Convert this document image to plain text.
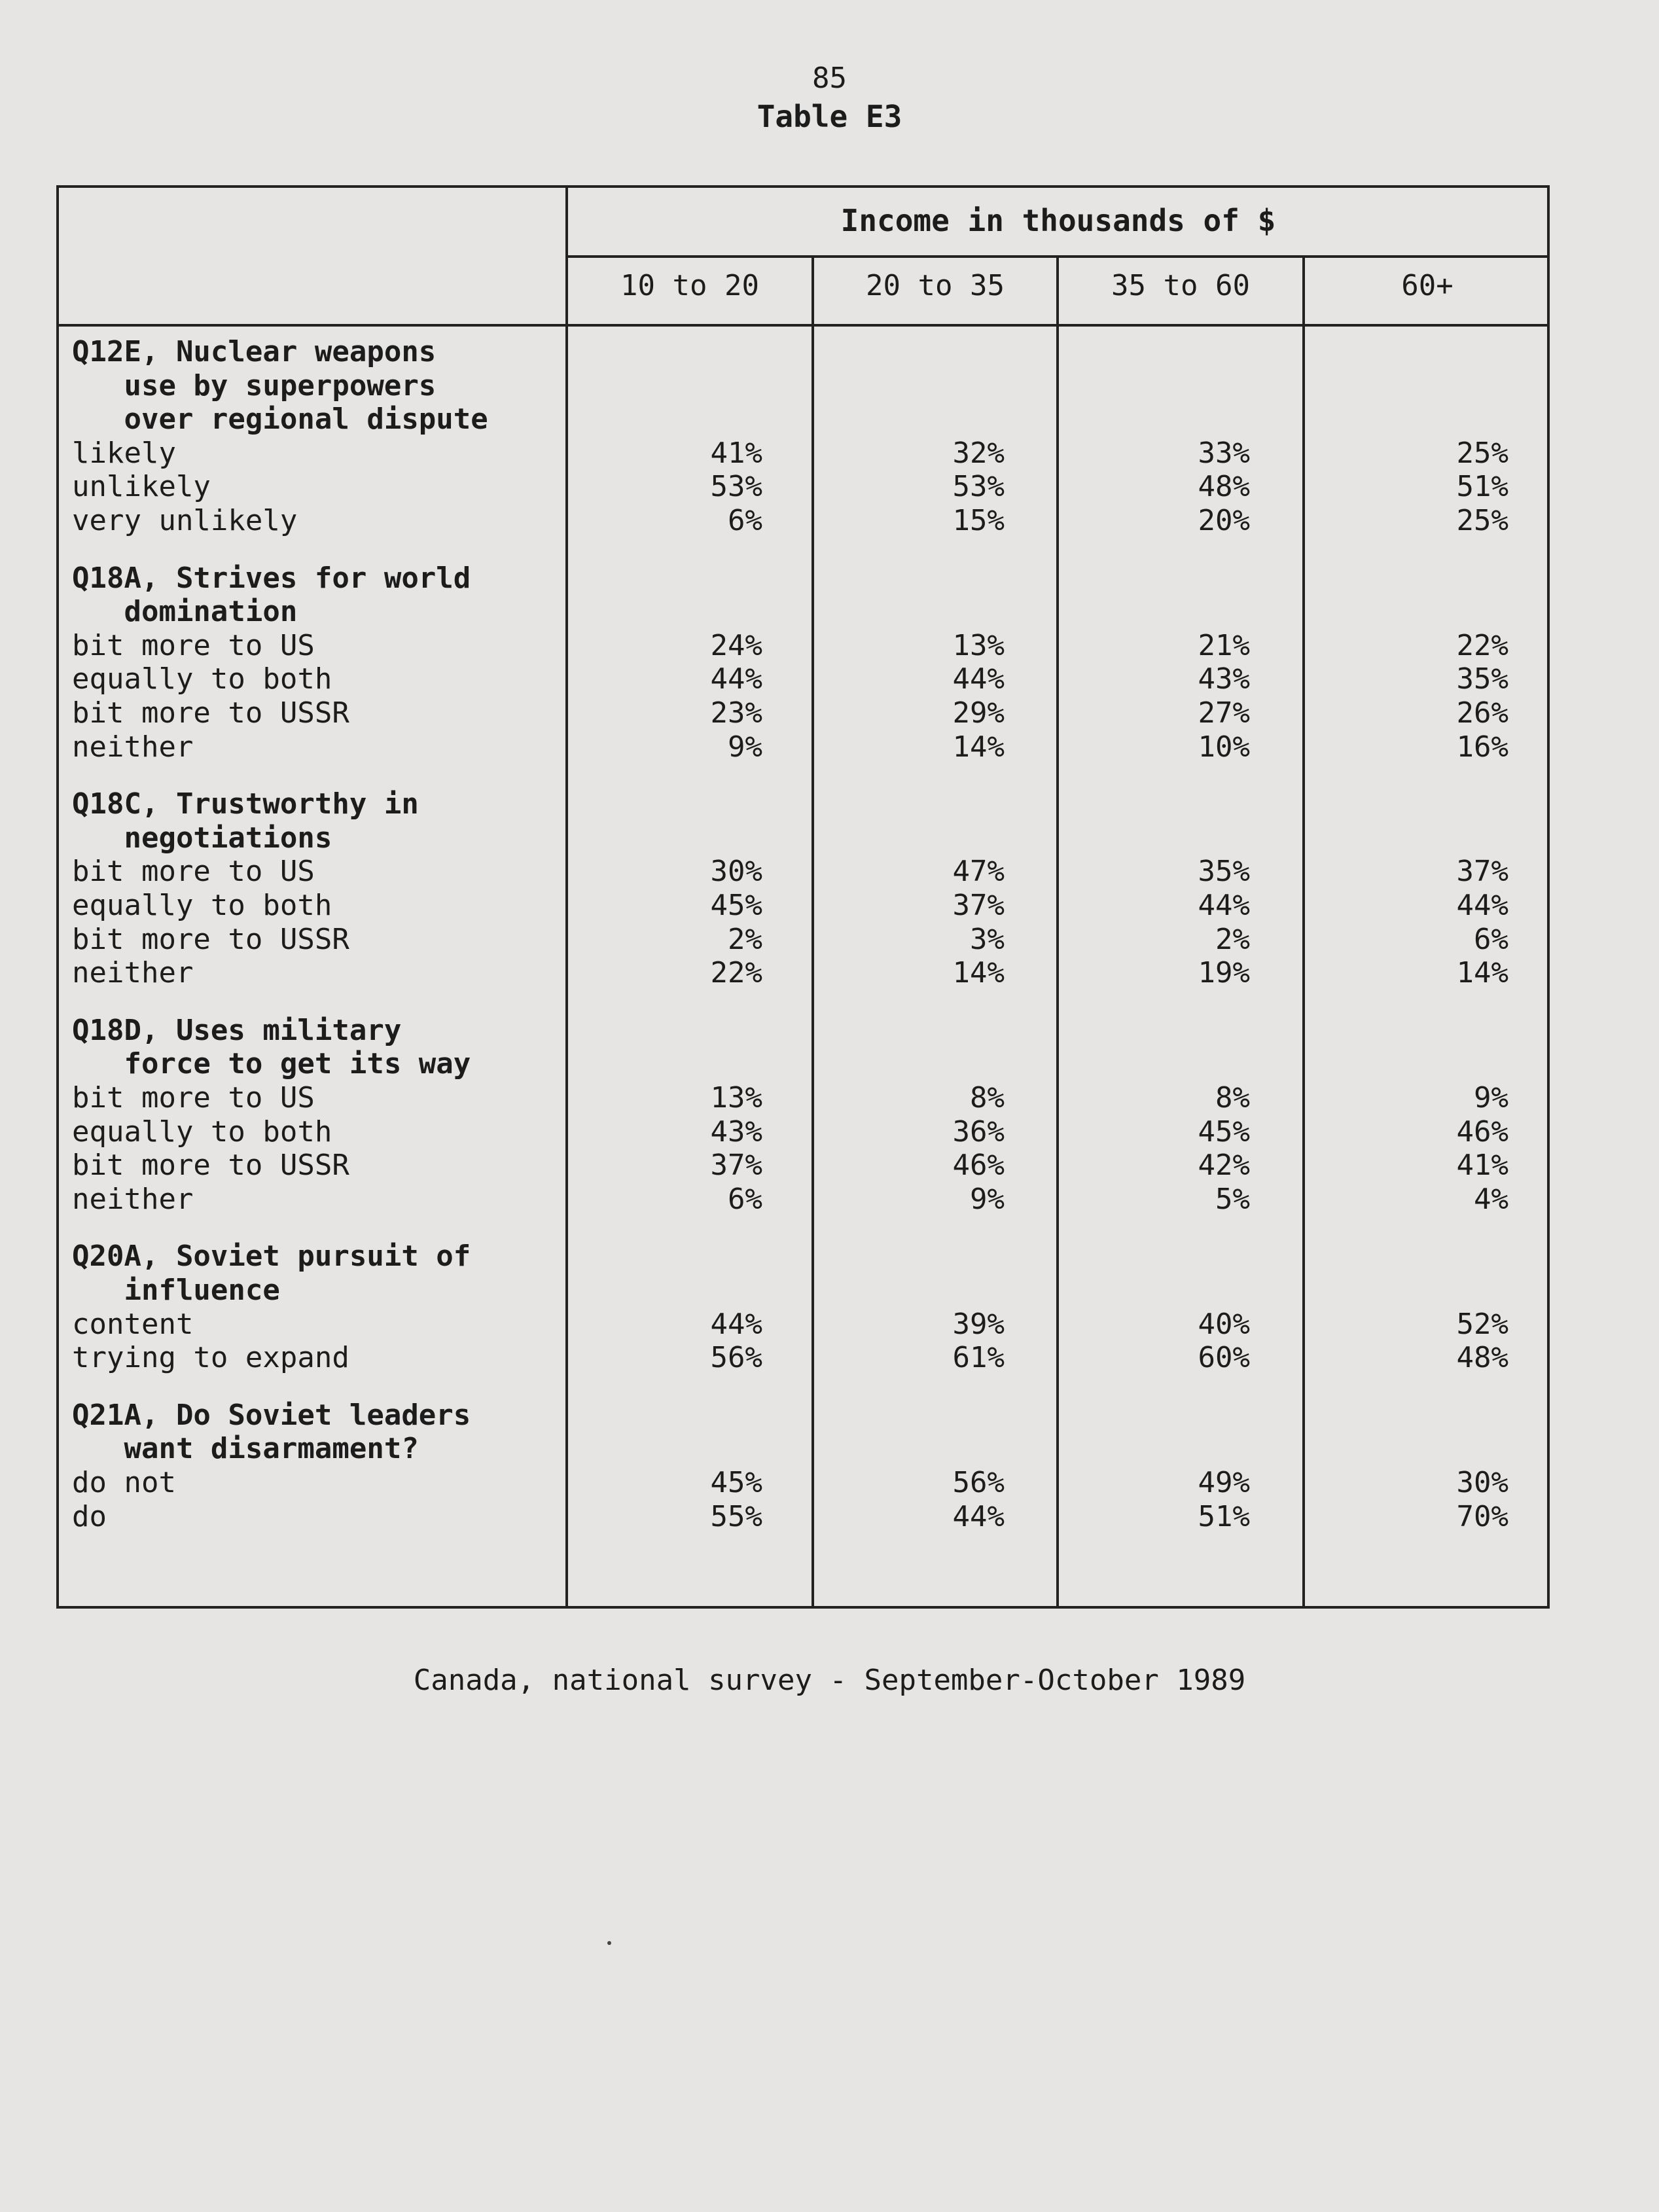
85
Table E3
Income in thousands of $
10 to 20	20 to 35	35 to 60	60+
Q12E, Nuclear weapons
use by superpowers
over regional dispute
likely	41%	32%	33%	25%
unlikely	53%	53%	48%	51%
very unlikely	6%	15%	20%	25%
Q18A, Strives for world
domination
bit more to US	24%	13%	21%	22%
equally to both	44%	44%	43%	35%
bit more to USSR	23%	29%	27%	26%
neither	9%	14%	10%	16%
Q18C, Trustworthy in
negotiations
bit more to US	30%	47%	35%	37%
equally to both	45%	37%	44%	44%
bit more to USSR	2%	3%	2%	6%
neither	22%	14%	19%	14%
Q18D, Uses military
force to get its way
bit more to US	13%	8%	8%	9%
equally to both	43%	36%	45%	46%
bit more to USSR	37%	46%	42%	41%
neither	6%	9%	5%	4%
Q20A, Soviet pursuit of
influence
content	44%	39%	40%	52%
trying to expand	56%	61%	60%	48%
Q21A, Do Soviet leaders
want disarmament?
do not	45%	56%	49%	30%
do	55%	44%	51%	70%
Canada, national survey - September-October 1989
